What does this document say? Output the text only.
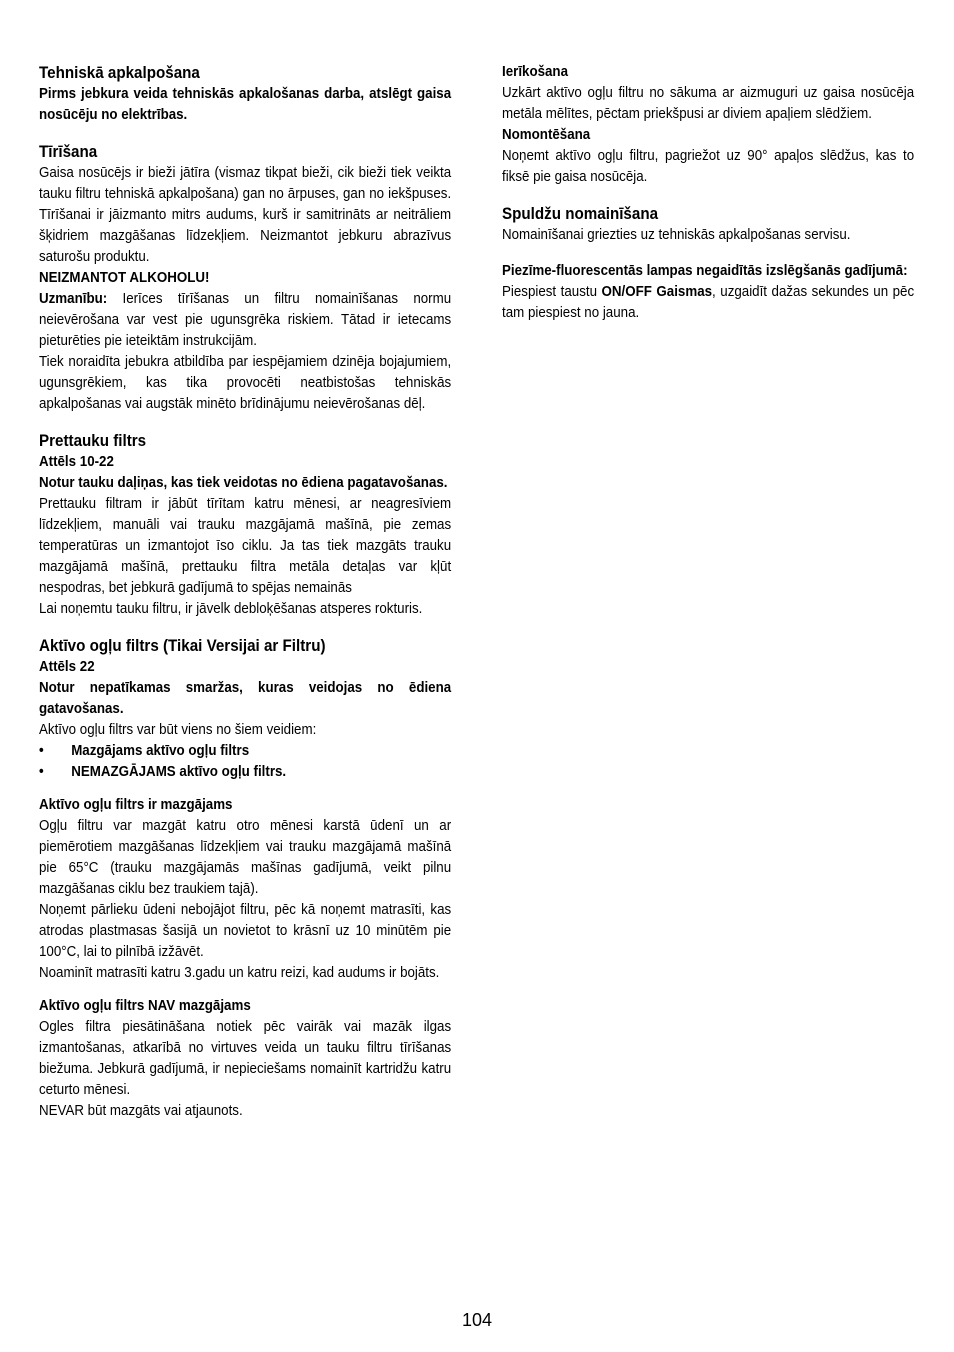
Tehniskā apkalpošana

Pirms jebkura veida tehniskās apkalošanas darba, atslēgt gaisa nosūcēju no elektrības.

Tīrīšana

Gaisa nosūcējs ir bieži jātīra (vismaz tikpat bieži, cik bieži tiek veikta tauku filtru tehniskā apkalpošana) gan no ārpuses, gan no iekšpuses. Tīrīšanai ir jāizmanto mitrs audums, kurš ir samitrināts ar neitrāliem šķidriem mazgāšanas līdzekļiem. Neizmantot jebkuru abrazīvus saturošu produktu.

NEIZMANTOT ALKOHOLU!

Uzmanību: Ierīces tīrīšanas un filtru nomainīšanas normu neievērošana var vest pie ugunsgrēka riskiem. Tātad ir ietecams pieturēties pie ieteiktām instrukcijām.

Tiek noraidīta jebukra atbildība par iespējamiem dzinēja bojajumiem, ugunsgrēkiem, kas tika provocēti neatbistošas tehniskās apkalpošanas vai augstāk minēto brīdinājumu neievērošanas dēļ.

Prettauku filtrs

Attēls 10-22

Notur tauku daļiņas, kas tiek veidotas no ēdiena pagatavošanas.

Prettauku filtram ir jābūt tīrītam katru mēnesi, ar neagresīviem līdzekļiem, manuāli vai trauku mazgājamā mašīnā, pie zemas temperatūras un izmantojot īso ciklu. Ja tas tiek mazgāts trauku mazgājamā mašīnā, prettauku filtra metāla detaļas var kļūt nespodras, bet jebkurā gadījumā to spējas nemainās

Lai noņemtu tauku filtru, ir jāvelk debloķēšanas atsperes rokturis.

Aktīvo ogļu filtrs (Tikai Versijai ar Filtru)

Attēls 22

Notur nepatīkamas smaržas, kuras veidojas no ēdiena gatavošanas.

Aktīvo ogļu filtrs var būt viens no šiem veidiem:

• Mazgājams aktīvo ogļu filtrs
• NEMAZGĀJAMS aktīvo ogļu filtrs.

Aktīvo ogļu filtrs ir mazgājams

Ogļu filtru var mazgāt katru otro mēnesi karstā ūdenī un ar piemērotiem mazgāšanas līdzekļiem vai trauku mazgājamā mašīnā pie 65°C (trauku mazgājamās mašīnas gadījumā, veikt pilnu mazgāšanas ciklu bez traukiem tajā).

Noņemt pārlieku ūdeni nebojājot filtru, pēc kā noņemt matrasīti, kas atrodas plastmasas šasijā un novietot to krāsnī uz 10 minūtēm pie 100°C, lai to pilnībā izžāvēt.

Noaminīt matrasīti katru 3.gadu un katru reizi, kad audums ir bojāts.

Aktīvo ogļu filtrs NAV mazgājams

Ogles filtra piesātināšana notiek pēc vairāk vai mazāk ilgas izmantošanas, atkarībā no virtuves veida un tauku filtru tīrīšanas biežuma. Jebkurā gadījumā, ir nepieciešams nomainīt kartridžu katru ceturto mēnesi.

NEVAR būt mazgāts vai atjaunots.

Ierīkošana

Uzkārt aktīvo ogļu filtru no sākuma ar aizmuguri uz gaisa nosūcēja metāla mēlītes, pēctam priekšpusi ar diviem apaļiem slēdžiem.

Nomontēšana

Noņemt aktīvo ogļu filtru, pagriežot uz 90° apaļos slēdžus, kas to fiksē pie gaisa nosūcēja.

Spuldžu nomainīšana

Nomainīšanai griezties uz tehniskās apkalpošanas servisu.

Piezīme-fluorescentās lampas negaidītās izslēgšanās gadījumā:

Piespiest taustu ON/OFF Gaismas, uzgaidīt dažas sekundes un pēc tam piespiest no jauna.

104
